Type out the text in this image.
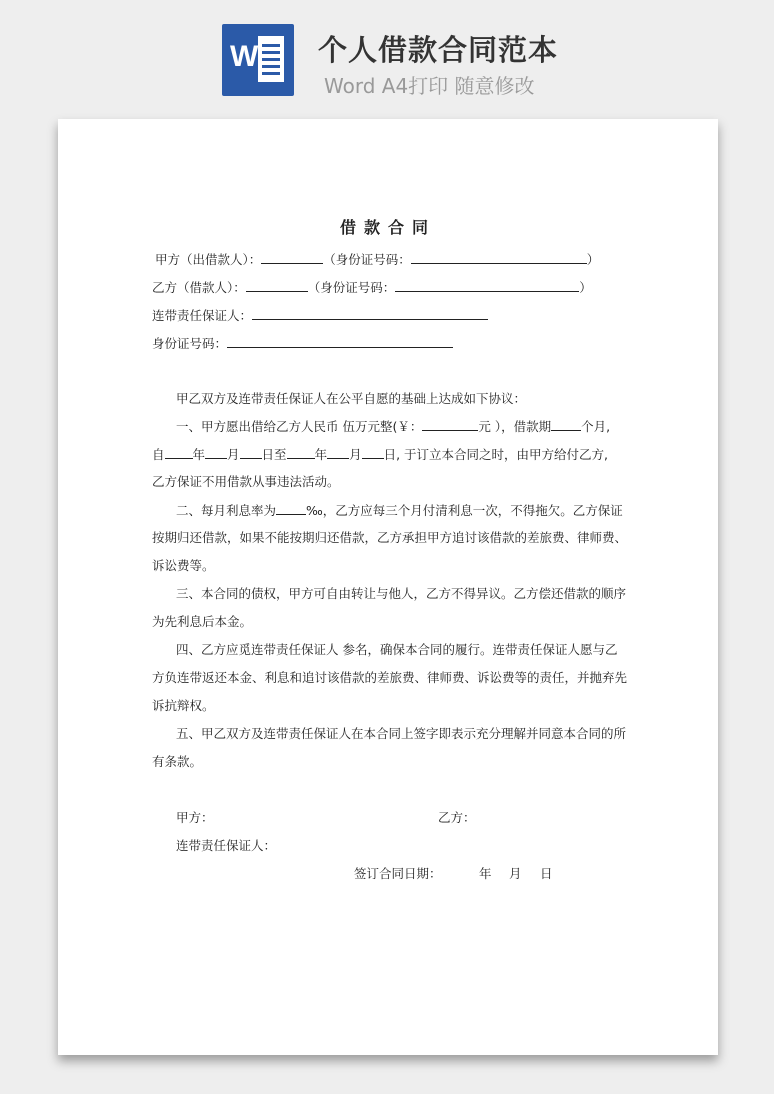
W 个人借款合同范本
Word A4打印 随意修改

借款合同
甲方（出借款人）：	（身份证号码：	）
乙方（借款人）：	（身份证号码：	）
连带责任保证人：
身份证号码：
甲乙双方及连带责任保证人在公平自愿的基础上达成如下协议：
一、甲方愿出借给乙方人民币 伍万元整(￥：	元 ），借款期 个月,
自 年 月 日至 年 月 日, 于订立本合同之时，由甲方给付乙方,
乙方保证不用借款从事违法活动。
二、每月利息率为 ‰，乙方应每三个月付清利息一次，不得拖欠。乙方保证
按期归还借款，如果不能按期归还借款，乙方承担甲方追讨该借款的差旅费、律师费、
诉讼费等。
三、本合同的债权，甲方可自由转让与他人，乙方不得异议。乙方偿还借款的顺序
为先利息后本金。
四、乙方应觅连带责任保证人 参名，确保本合同的履行。连带责任保证人愿与乙
方负连带返还本金、利息和追讨该借款的差旅费、律师费、诉讼费等的责任，并抛弃先
诉抗辩权。
五、甲乙双方及连带责任保证人在本合同上签字即表示充分理解并同意本合同的所
有条款。
甲方：	乙方：
连带责任保证人：
签订合同日期：	年 月 日
